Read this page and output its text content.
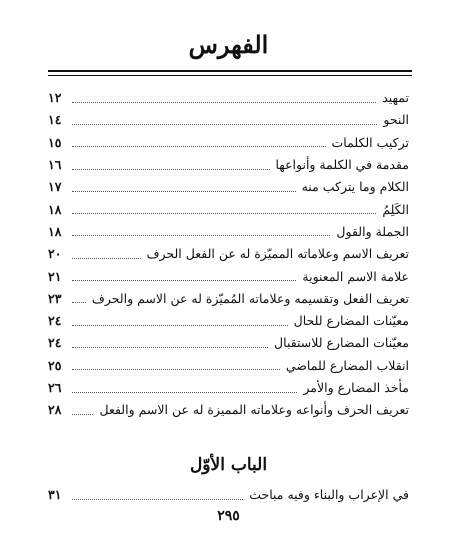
الفهرس
تمهيد
١٢
النحو
١٤
تركيب الكلمات
١٥
مقدمة في الكلمة وأنواعها
١٦
الكلام وما يتركب منه
١٧
الكَلِمُ
١٨
الجملة والقول
١٨
تعريف الاسم وعلاماته المميّزة له عن الفعل الحرف
٢٠
علامة الاسم المعنوية
٢١
تعريف الفعل وتقسيمه وعلاماته المُميّزة له عن الاسم والحرف
٢٣
معيّنات المضارع للحال
٢٤
معيّنات المضارع للاستقبال
٢٤
انقلاب المضارع للماضي
٢٥
مأخذ المضارع والأمر
٢٦
تعريف الحرف وأنواعه وعلاماته المميزة له عن الاسم والفعل
٢٨
الباب الأوّل
في الإعراب والبناء وفيه مباحث
٣١
٢٩٥
